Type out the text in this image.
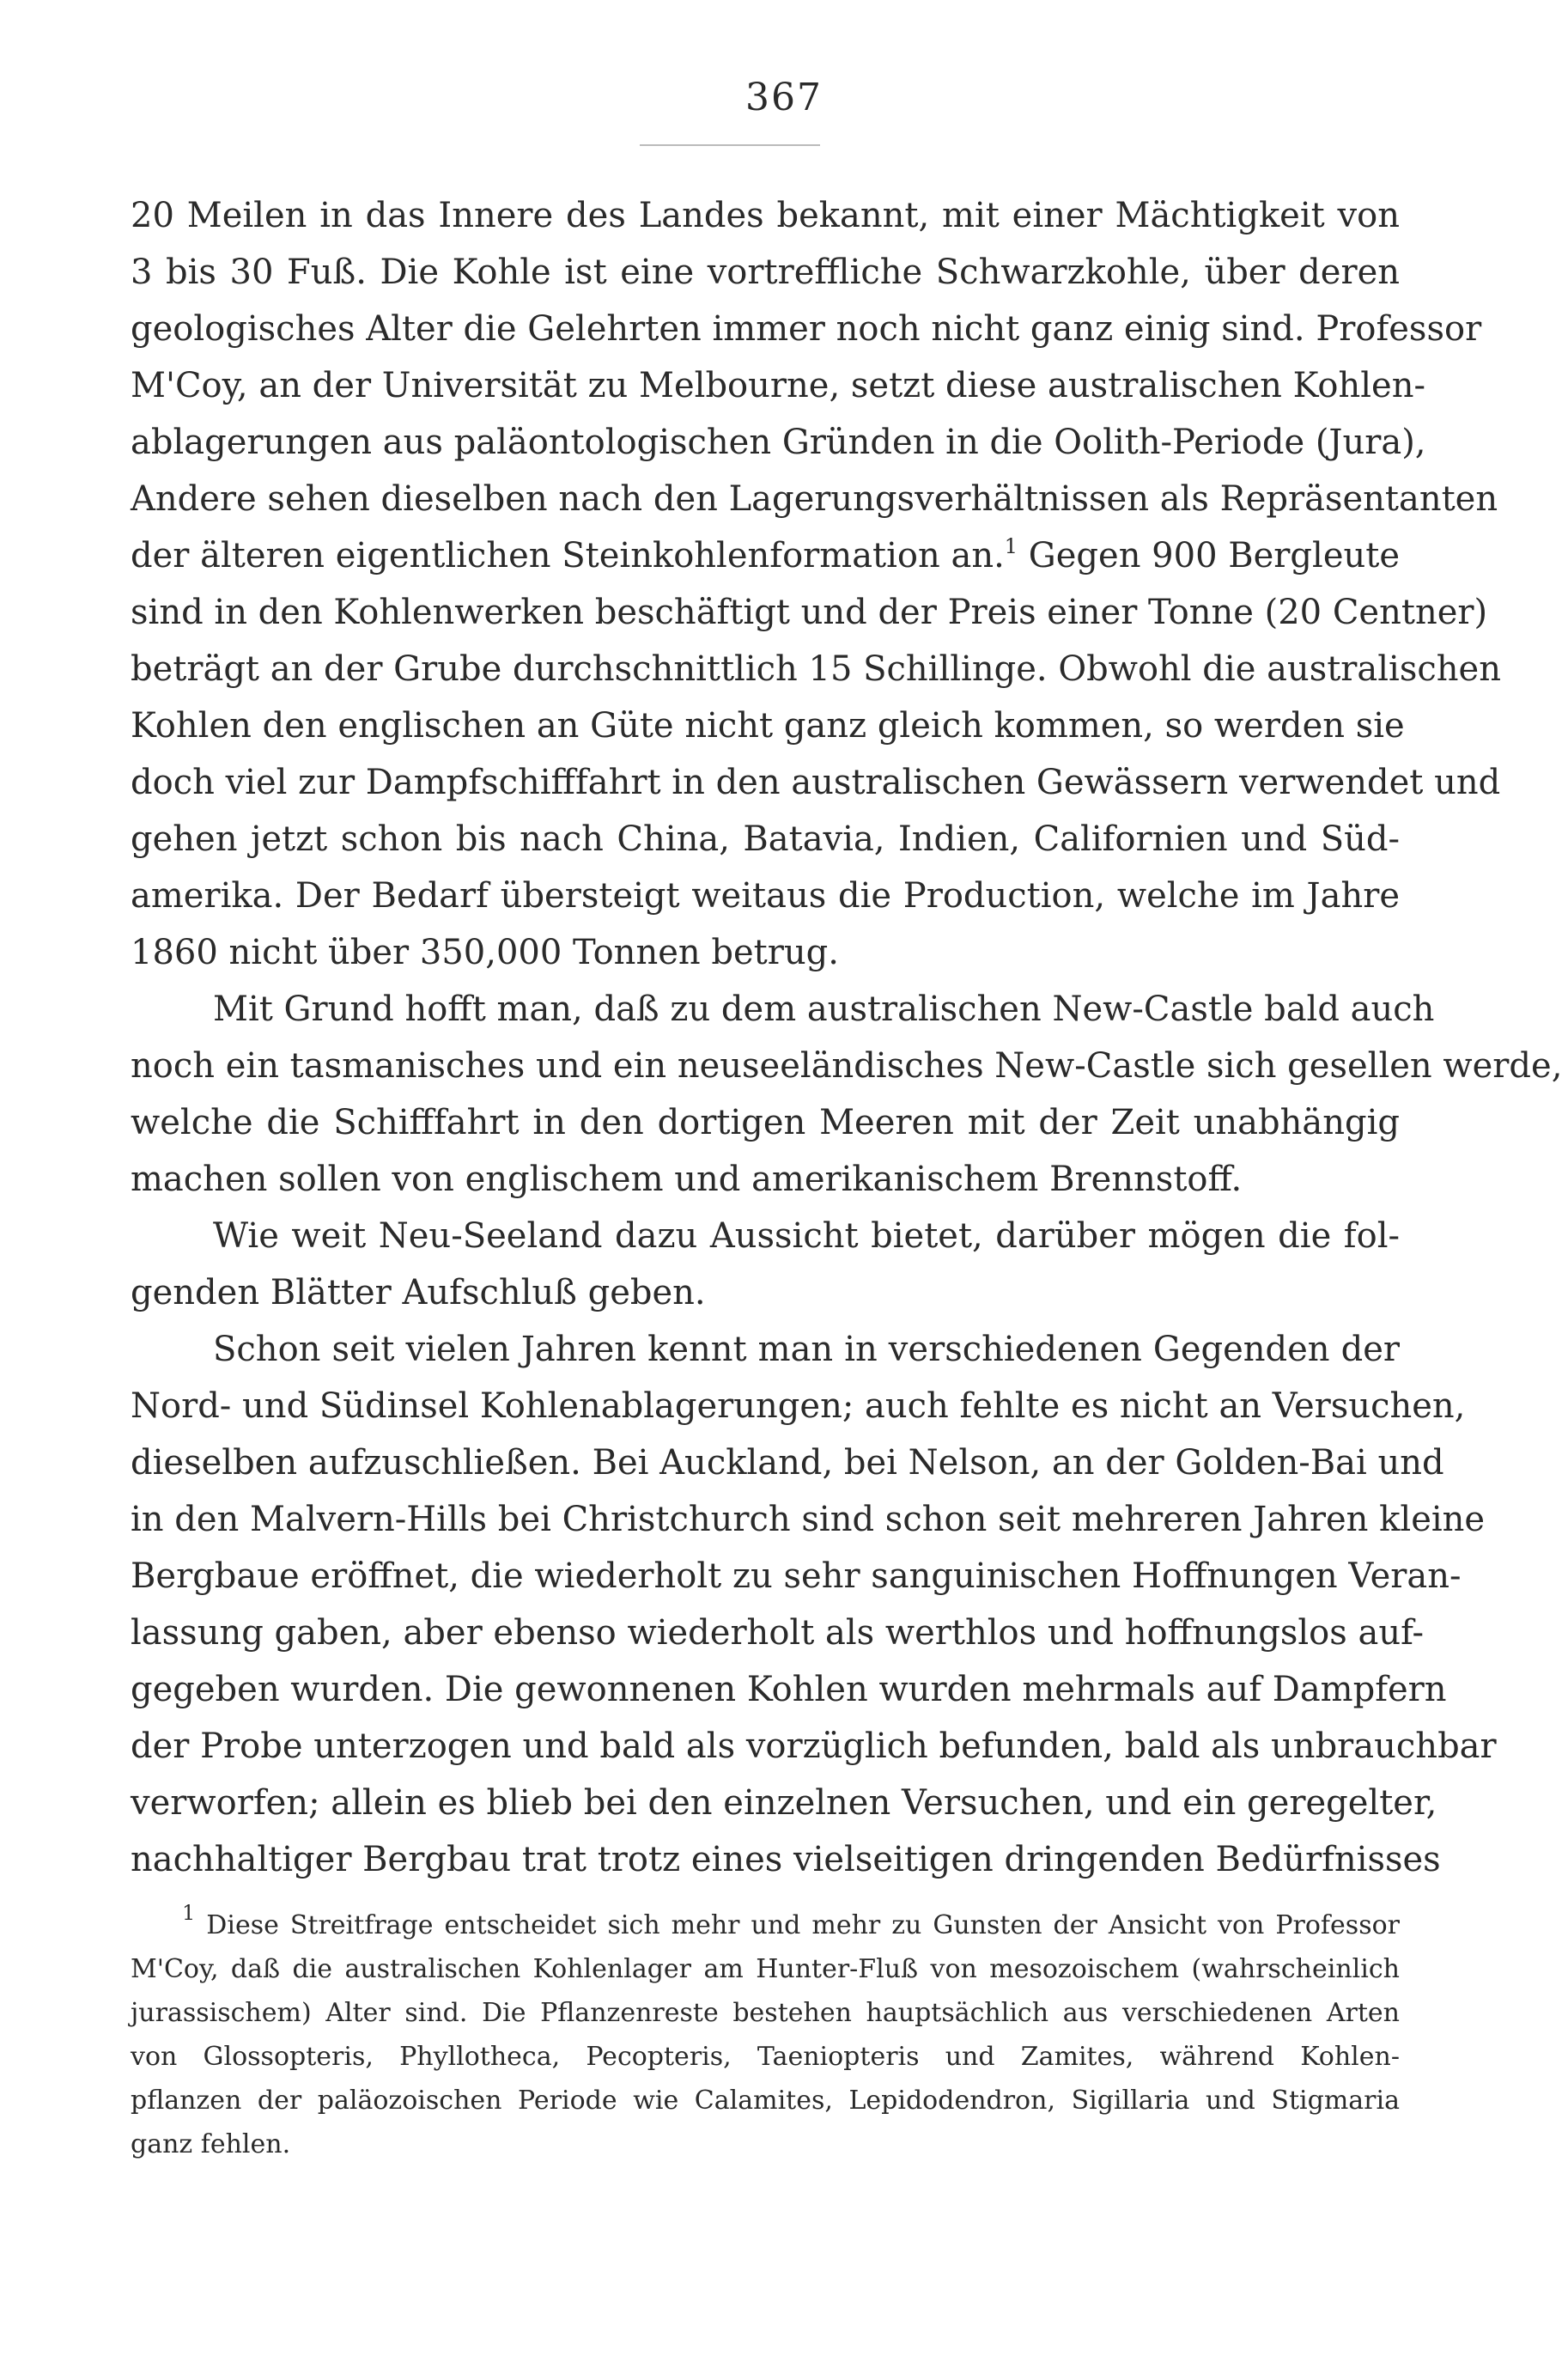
367
20 Meilen in das Innere des Landes bekannt, mit einer Mächtigkeit von
3 bis 30 Fuß. Die Kohle ist eine vortreffliche Schwarzkohle, über deren
geologisches Alter die Gelehrten immer noch nicht ganz einig sind. Professor
M'Coy, an der Universität zu Melbourne, setzt diese australischen Kohlen-
ablagerungen aus paläontologischen Gründen in die Oolith-Periode (Jura),
Andere sehen dieselben nach den Lagerungsverhältnissen als Repräsentanten
der älteren eigentlichen Steinkohlenformation an.$^1$ Gegen 900 Bergleute
sind in den Kohlenwerken beschäftigt und der Preis einer Tonne (20 Centner)
beträgt an der Grube durchschnittlich 15 Schillinge. Obwohl die australischen
Kohlen den englischen an Güte nicht ganz gleich kommen, so werden sie
doch viel zur Dampfschifffahrt in den australischen Gewässern verwendet und
gehen jetzt schon bis nach China, Batavia, Indien, Californien und Süd-
amerika. Der Bedarf übersteigt weitaus die Production, welche im Jahre
1860 nicht über 350,000 Tonnen betrug.
Mit Grund hofft man, daß zu dem australischen New-Castle bald auch
noch ein tasmanisches und ein neuseeländisches New-Castle sich gesellen werde,
welche die Schifffahrt in den dortigen Meeren mit der Zeit unabhängig
machen sollen von englischem und amerikanischem Brennstoff.
Wie weit Neu-Seeland dazu Aussicht bietet, darüber mögen die fol-
genden Blätter Aufschluß geben.
Schon seit vielen Jahren kennt man in verschiedenen Gegenden der
Nord- und Südinsel Kohlenablagerungen; auch fehlte es nicht an Versuchen,
dieselben aufzuschließen. Bei Auckland, bei Nelson, an der Golden-Bai und
in den Malvern-Hills bei Christchurch sind schon seit mehreren Jahren kleine
Bergbaue eröffnet, die wiederholt zu sehr sanguinischen Hoffnungen Veran-
lassung gaben, aber ebenso wiederholt als werthlos und hoffnungslos auf-
gegeben wurden. Die gewonnenen Kohlen wurden mehrmals auf Dampfern
der Probe unterzogen und bald als vorzüglich befunden, bald als unbrauchbar
verworfen; allein es blieb bei den einzelnen Versuchen, und ein geregelter,
nachhaltiger Bergbau trat trotz eines vielseitigen dringenden Bedürfnisses
$^1$ Diese Streitfrage entscheidet sich mehr und mehr zu Gunsten der Ansicht von Professor
M'Coy, daß die australischen Kohlenlager am Hunter-Fluß von mesozoischem (wahrscheinlich
jurassischem) Alter sind. Die Pflanzenreste bestehen hauptsächlich aus verschiedenen Arten
von Glossopteris, Phyllotheca, Pecopteris, Taeniopteris und Zamites, während Kohlen-
pflanzen der paläozoischen Periode wie Calamites, Lepidodendron, Sigillaria und Stigmaria
ganz fehlen.
